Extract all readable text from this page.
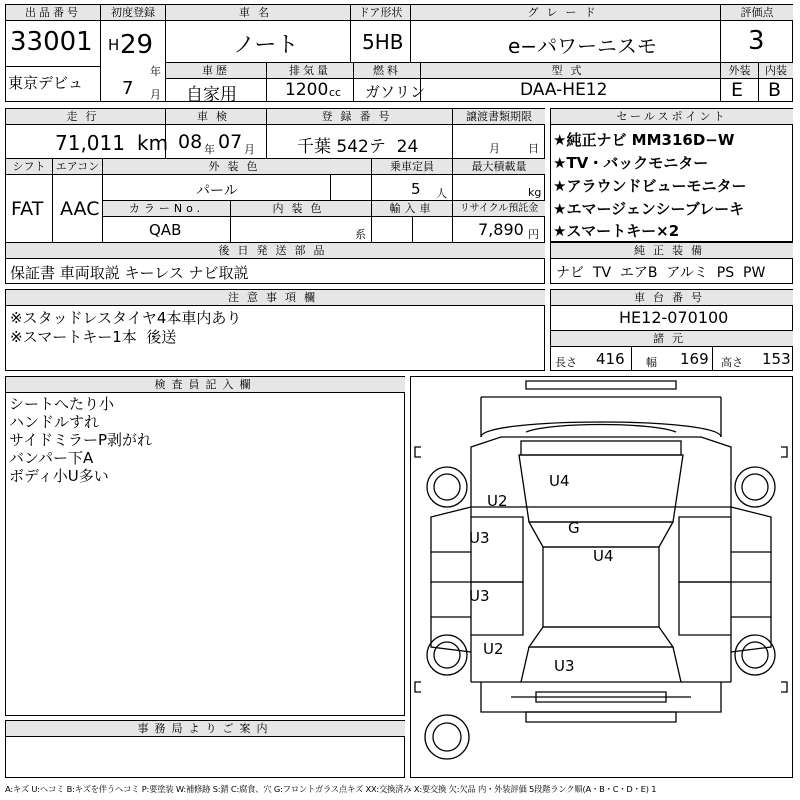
出品番号
33001
東京デビュ
初度登録
H 29
年
7 月
車名
ノート
ドア形状
5HB
グレード
e−パワーニスモ
評価点
3
車歴
自家用
排気量
1200 cc
燃料
ガソリン
型式
DAA-HE12
外装	内装
E B
走行
71,011 km
車検
08 年 07 月
登録番号
千葉 542テ  24
譲渡書類期限
月	日
シフト
FAT
エアコン
AAC
外装色
パール
乗車定員
5 人
最大積載量
kg
カラーNo.
QAB
内装色
系
輸入車	リサイクル預託金
7,890 円
後日発送部品
保証書 車両取説 キーレス ナビ取説
セールスポイント
★純正ナビ MM316D−W
★TV・バックモニター
★アラウンドビューモニター
★エマージェンシーブレーキ
★スマートキー×2
純正装備
ナビ  TV  エアB  アルミ  PS  PW
注意事項欄
※スタッドレスタイヤ4本車内あり
※スマートキー1本  後送
車台番号
HE12-070100
諸元
長さ 416 幅 169 高さ 153
検査員記入欄
シートへたり小
ハンドルすれ
サイドミラーP剥がれ
バンパー下A
ボディ小U多い
事務局よりご案内
U4
U2
U3
G
U4
U3
U2
U3
A:キズ U:ヘコミ B:キズを伴うヘコミ P:要塗装 W:補修跡 S:錆 C:腐食、穴 G:フロントガラス点キズ XX:交換済み X:要交換 欠:欠品 内・外装評価 5段階ランク順(A・B・C・D・E) 1
